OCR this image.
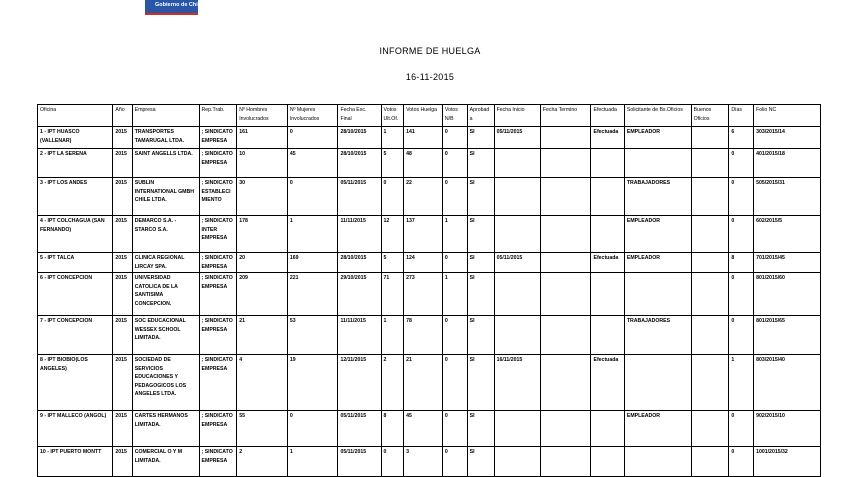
Gobierno de Chile
INFORME DE HUELGA
16-11-2015
Oficina	Año	Empresa	Rep.Trab.	Nº Hombres Involucrados	Nº Mujeres Involucrados	Fecha Exc. Final	Votos Ult.Of.	Votos Huelga	Votos N/B	Aprobada	Fecha Inicio	Fecha Termino	Efectuada	Solicitante de Bs.Oficios	Buenos Oficios	Días	Folio NC
1 - IPT HUASCO (VALLENAR)	2015	TRANSPORTES TAMARUGAL LTDA.	; SINDICATO EMPRESA	161	0	28/10/2015	1	141	0	SI	05/11/2015		Efectuada	EMPLEADOR		6	303/2015/14
2 - IPT LA SERENA	2015	SAINT ANGELLS LTDA.	; SINDICATO EMPRESA	10	45	28/10/2015	5	48	0	SI						0	401/2015/18
3 - IPT LOS ANDES	2015	SUBLIN INTERNATIONAL GMBH CHILE LTDA.	; SINDICATO ESTABLECIMIENTO	30	0	05/11/2015	0	22	0	SI				TRABAJADORES		0	505/2015/31
4 - IPT COLCHAGUA (SAN FERNANDO)	2015	DEMARCO S.A. - STARCO S.A.	; SINDICATO INTER EMPRESA	178	1	11/11/2015	12	137	1	SI				EMPLEADOR		0	602/2015/5
5 - IPT TALCA	2015	CLINICA REGIONAL LIRCAY SPA.	; SINDICATO EMPRESA	20	169	28/10/2015	5	124	0	SI	05/11/2015		Efectuada	EMPLEADOR		8	701/2015/45
6 - IPT CONCEPCION	2015	UNIVERSIDAD CATOLICA DE LA SANTISIMA CONCEPCION.	; SINDICATO EMPRESA	209	221	29/10/2015	71	273	1	SI						0	801/2015/60
7 - IPT CONCEPCION	2015	SOC EDUCACIONAL WESSEX SCHOOL LIMITADA.	; SINDICATO EMPRESA	21	53	11/11/2015	1	78	0	SI				TRABAJADORES		0	801/2015/65
8 - IPT BIOBIO(LOS ANGELES)	2015	SOCIEDAD DE SERVICIOS EDUCACIONES Y PEDAGOGICOS LOS ANGELES LTDA.	; SINDICATO EMPRESA	4	19	12/11/2015	2	21	0	SI	16/11/2015		Efectuada			1	803/2015/40
9 - IPT MALLECO (ANGOL)	2015	CARTES HERMANOS LIMITADA.	; SINDICATO EMPRESA	55	0	05/11/2015	8	45	0	SI				EMPLEADOR		0	902/2015/10
10 - IPT PUERTO MONTT	2015	COMERCIAL O Y M LIMITADA.	; SINDICATO EMPRESA	2	1	05/11/2015	0	3	0	SI						0	1001/2015/32
